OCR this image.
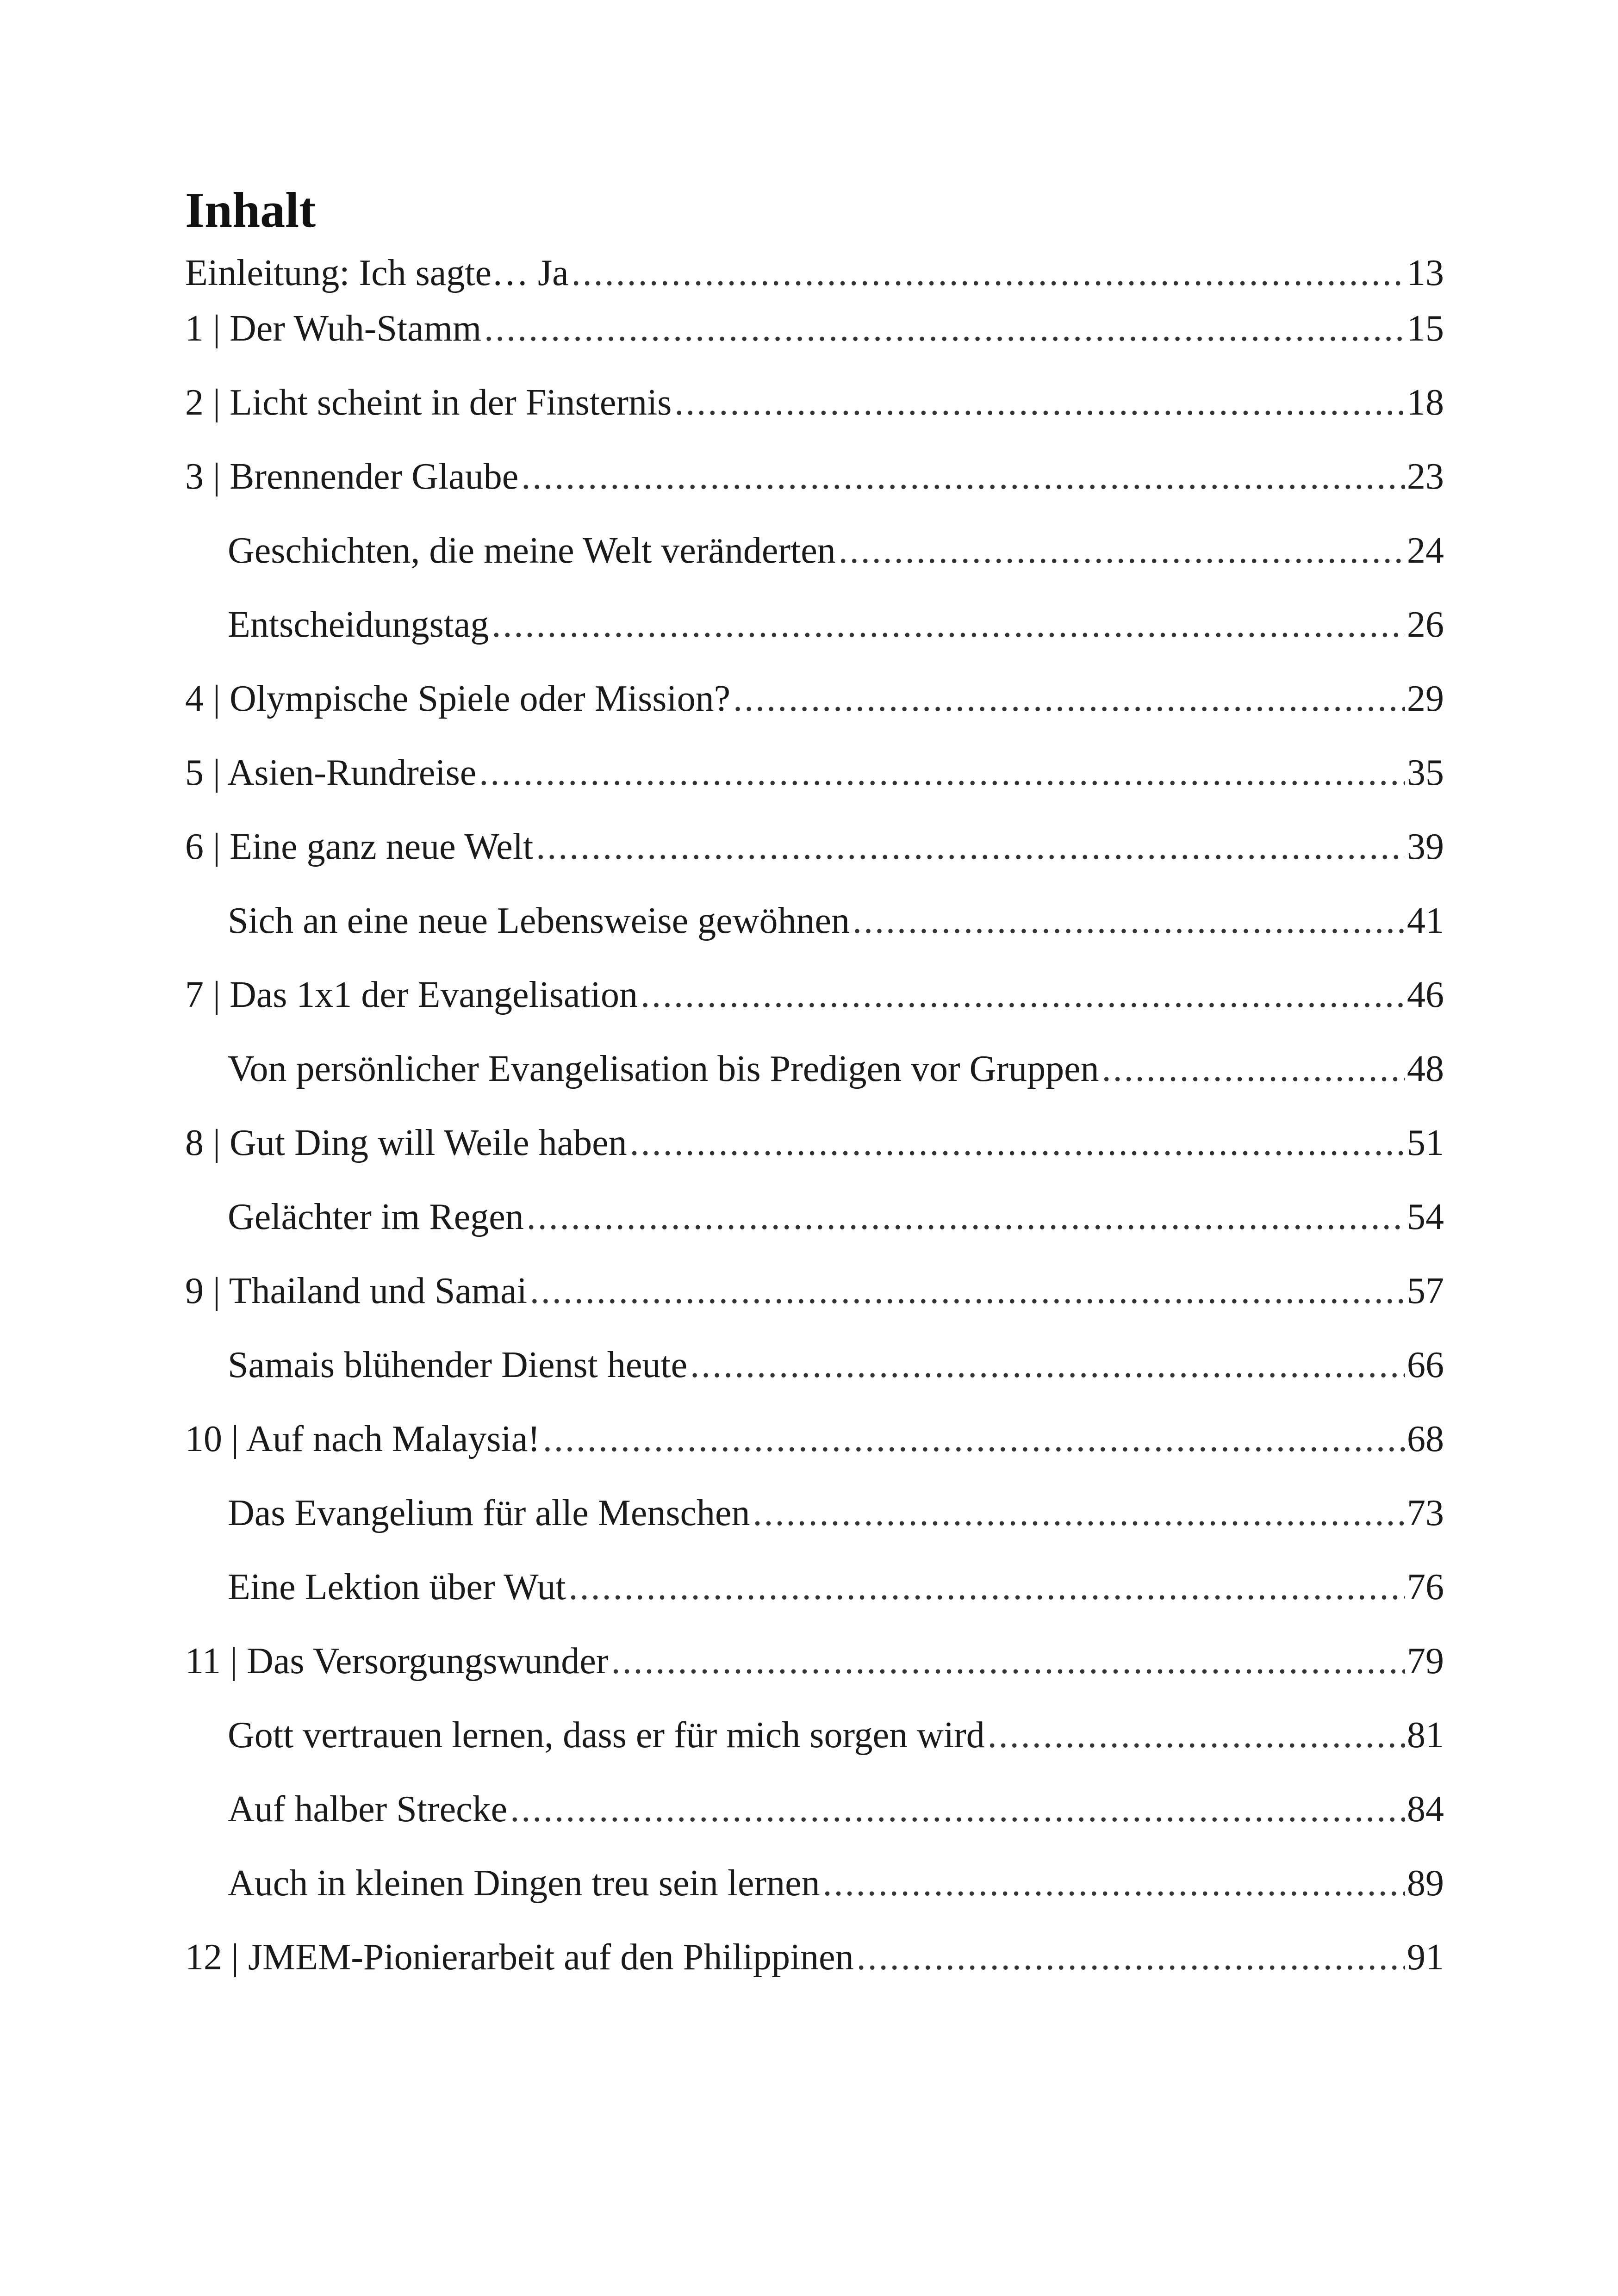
Inhalt
Einleitung: Ich sagte… Ja .....	13
1 | Der Wuh-Stamm .....	15
2 | Licht scheint in der Finsternis .....	18
3 | Brennender Glaube .....	23
Geschichten, die meine Welt veränderten .....	24
Entscheidungstag .....	26
4 | Olympische Spiele oder Mission? .....	29
5 | Asien-Rundreise .....	35
6 | Eine ganz neue Welt .....	39
Sich an eine neue Lebensweise gewöhnen .....	41
7 | Das 1x1 der Evangelisation .....	46
Von persönlicher Evangelisation bis Predigen vor Gruppen .....	48
8 | Gut Ding will Weile haben .....	51
Gelächter im Regen .....	54
9 | Thailand und Samai .....	57
Samais blühender Dienst heute .....	66
10 | Auf nach Malaysia! .....	68
Das Evangelium für alle Menschen .....	73
Eine Lektion über Wut .....	76
11 | Das Versorgungswunder .....	79
Gott vertrauen lernen, dass er für mich sorgen wird .....	81
Auf halber Strecke .....	84
Auch in kleinen Dingen treu sein lernen .....	89
12 | JMEM-Pionierarbeit auf den Philippinen .....	91
